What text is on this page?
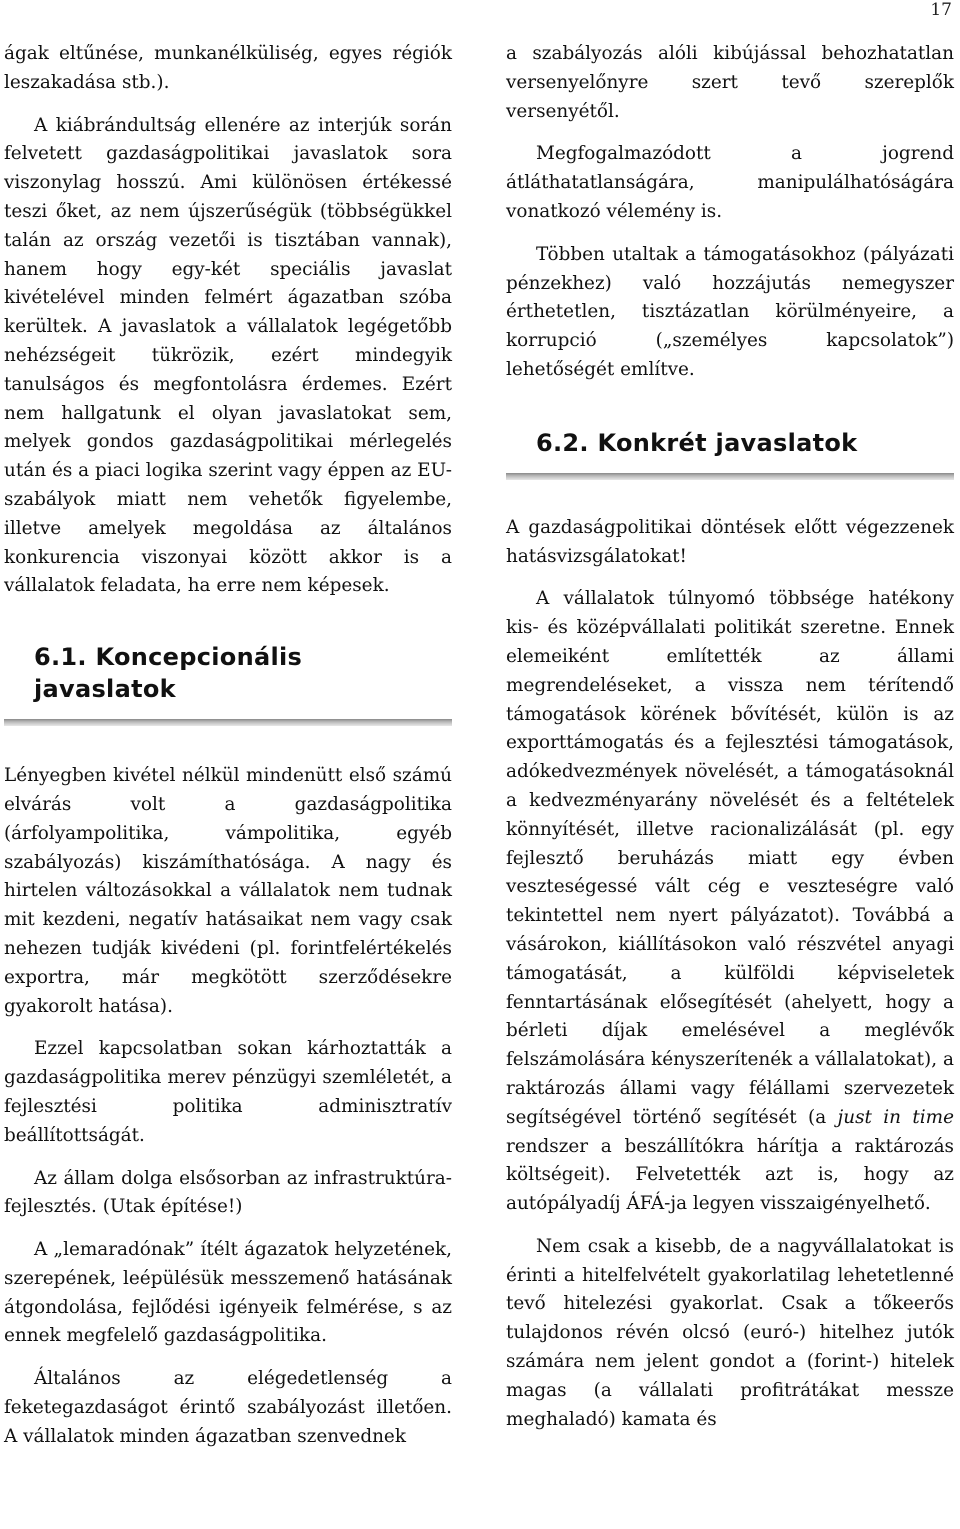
17

ágak eltűnése, munkanélküliség, egyes régiók leszakadása stb.).

A kiábrándultság ellenére az interjúk során felvetett gazdaságpolitikai javaslatok sora viszonylag hosszú. Ami különösen értékessé teszi őket, az nem újszerűségük (többségükkel talán az ország vezetői is tisztában vannak), hanem hogy egy-két speciális javaslat kivételével minden felmért ágazatban szóba kerültek. A javaslatok a vállalatok legégetőbb nehézségeit tükrözik, ezért mindegyik tanulságos és megfontolásra érdemes. Ezért nem hallgatunk el olyan javaslatokat sem, melyek gondos gazdaságpolitikai mérlegelés után és a piaci logika szerint vagy éppen az EU-szabályok miatt nem vehetők figyelembe, illetve amelyek megoldása az általános konkurencia viszonyai között akkor is a vállalatok feladata, ha erre nem képesek.

6.1. Koncepcionális javaslatok

Lényegben kivétel nélkül mindenütt első számú elvárás volt a gazdaságpolitika (árfolyampolitika, vámpolitika, egyéb szabályozás) kiszámíthatósága. A nagy és hirtelen változásokkal a vállalatok nem tudnak mit kezdeni, negatív hatásaikat nem vagy csak nehezen tudják kivédeni (pl. forintfelértékelés exportra, már megkötött szerződésekre gyakorolt hatása).

Ezzel kapcsolatban sokan kárhoztatták a gazdaságpolitika merev pénzügyi szemléletét, a fejlesztési politika adminisztratív beállítottságát.

Az állam dolga elsősorban az infrastruktúra-fejlesztés. (Utak építése!)

A „lemaradónak” ítélt ágazatok helyzetének, szerepének, leépülésük messzemenő hatásának átgondolása, fejlődési igényeik felmérése, s az ennek megfelelő gazdaságpolitika.

Általános az elégedetlenség a feketegazdaságot érintő szabályozást illetően. A vállalatok minden ágazatban szenvednek

a szabályozás alóli kibújással behozhatatlan versenyelőnyre szert tevő szereplők versenyétől.

Megfogalmazódott a jogrend átláthatatlanságára, manipulálhatóságára vonatkozó vélemény is.

Többen utaltak a támogatásokhoz (pályázati pénzekhez) való hozzájutás nemegyszer érthetetlen, tisztázatlan körülményeire, a korrupció („személyes kapcsolatok”) lehetőségét említve.

6.2. Konkrét javaslatok

A gazdaságpolitikai döntések előtt végezzenek hatásvizsgálatokat!

A vállalatok túlnyomó többsége hatékony kis- és középvállalati politikát szeretne. Ennek elemeiként említették az állami megrendeléseket, a vissza nem térítendő támogatások körének bővítését, külön is az exporttámogatás és a fejlesztési támogatások, adókedvezmények növelését, a támogatásoknál a kedvezményarány növelését és a feltételek könnyítését, illetve racionalizálását (pl. egy fejlesztő beruházás miatt egy évben veszteségessé vált cég e veszteségre való tekintettel nem nyert pályázatot). Továbbá a vásárokon, kiállításokon való részvétel anyagi támogatását, a külföldi képviseletek fenntartásának elősegítését (ahelyett, hogy a bérleti díjak emelésével a meglévők felszámolására kényszerítenék a vállalatokat), a raktározás állami vagy félállami szervezetek segítségével történő segítését (a just in time rendszer a beszállítókra hárítja a raktározás költségeit). Felvetették azt is, hogy az autópályadíj ÁFÁ-ja legyen visszaigényelhető.

Nem csak a kisebb, de a nagyvállalatokat is érinti a hitelfelvételt gyakorlatilag lehetetlenné tevő hitelezési gyakorlat. Csak a tőkeerős tulajdonos révén olcsó (euró-) hitelhez jutók számára nem jelent gondot a (forint-) hitelek magas (a vállalati profitrátákat messze meghaladó) kamata és
